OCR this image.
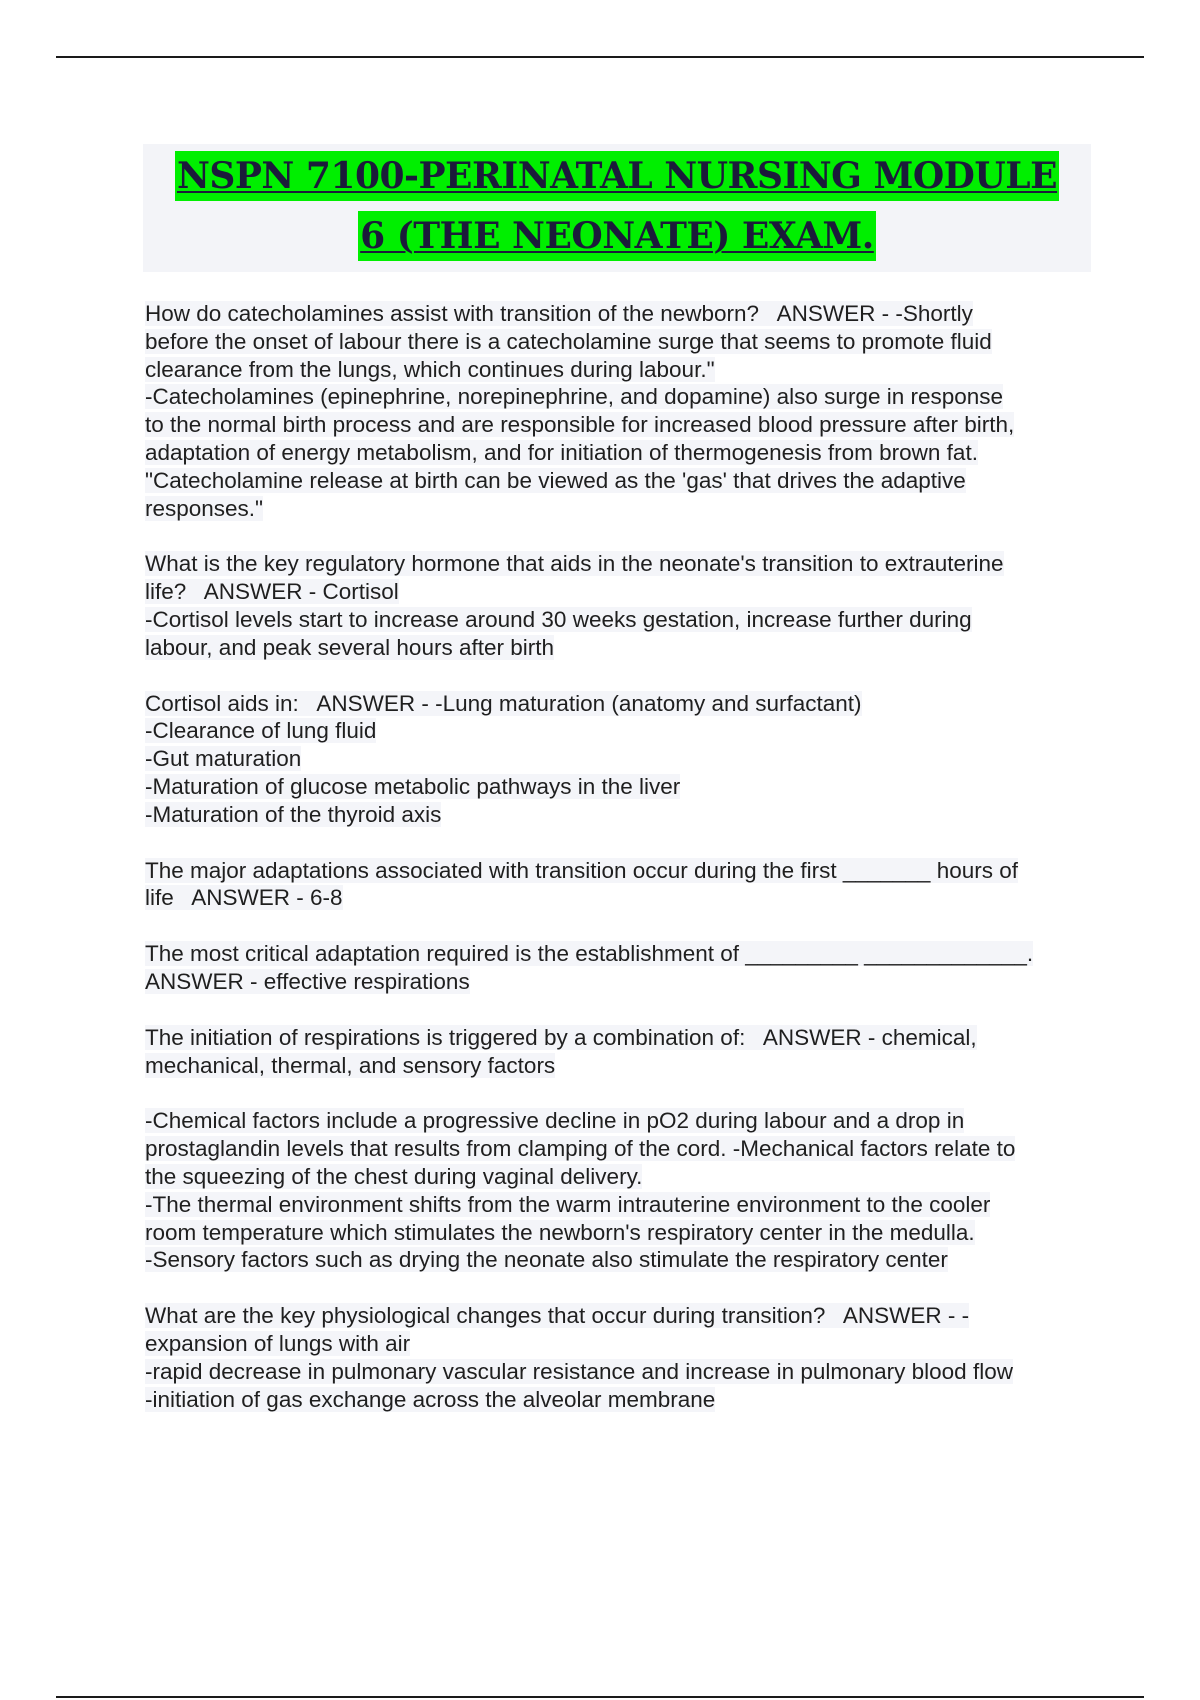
NSPN 7100-PERINATAL NURSING MODULE
6 (THE NEONATE) EXAM.
How do catecholamines assist with transition of the newborn?   ANSWER - -Shortly
before the onset of labour there is a catecholamine surge that seems to promote fluid
clearance from the lungs, which continues during labour."
-Catecholamines (epinephrine, norepinephrine, and dopamine) also surge in response
to the normal birth process and are responsible for increased blood pressure after birth,
adaptation of energy metabolism, and for initiation of thermogenesis from brown fat.
"Catecholamine release at birth can be viewed as the 'gas' that drives the adaptive
responses."
What is the key regulatory hormone that aids in the neonate's transition to extrauterine
life?   ANSWER - Cortisol
-Cortisol levels start to increase around 30 weeks gestation, increase further during
labour, and peak several hours after birth
Cortisol aids in:   ANSWER - -Lung maturation (anatomy and surfactant)
-Clearance of lung fluid
-Gut maturation
-Maturation of glucose metabolic pathways in the liver
-Maturation of the thyroid axis
The major adaptations associated with transition occur during the first _______ hours of
life   ANSWER - 6-8
The most critical adaptation required is the establishment of _________ _____________.
ANSWER - effective respirations
The initiation of respirations is triggered by a combination of:   ANSWER - chemical,
mechanical, thermal, and sensory factors
-Chemical factors include a progressive decline in pO2 during labour and a drop in
prostaglandin levels that results from clamping of the cord. -Mechanical factors relate to
the squeezing of the chest during vaginal delivery.
-The thermal environment shifts from the warm intrauterine environment to the cooler
room temperature which stimulates the newborn's respiratory center in the medulla.
-Sensory factors such as drying the neonate also stimulate the respiratory center
What are the key physiological changes that occur during transition?   ANSWER - -
expansion of lungs with air
-rapid decrease in pulmonary vascular resistance and increase in pulmonary blood flow
-initiation of gas exchange across the alveolar membrane
